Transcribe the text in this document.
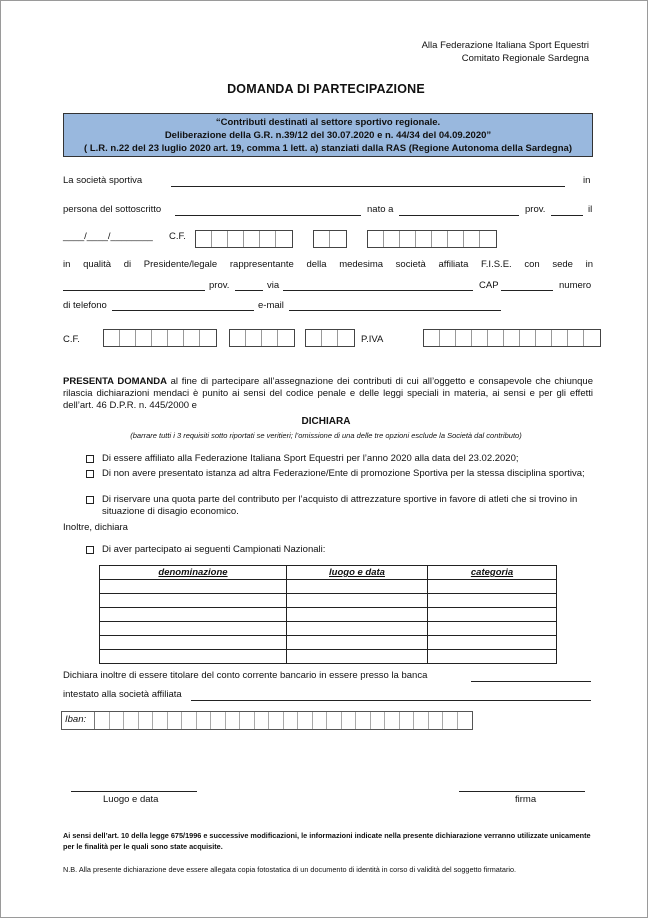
Alla Federazione Italiana Sport Equestri
Comitato Regionale Sardegna
DOMANDA DI PARTECIPAZIONE
“Contributi destinati al settore sportivo regionale.
Deliberazione della G.R. n.39/12 del 30.07.2020 e n. 44/34 del 04.09.2020”
( L.R. n.22 del 23 luglio 2020 art. 19, comma 1 lett. a) stanziati dalla RAS (Regione Autonoma della Sardegna)
La società sportiva	in
persona del sottoscritto	nato a	prov.	il
____/____/________ C.F.
in qualità di Presidente/legale rappresentante della medesima società affiliata F.I.S.E. con sede in
prov.	via	CAP	numero
di telefono	e-mail
C.F.	P.IVA
PRESENTA DOMANDA al fine di partecipare all’assegnazione dei contributi di cui all’oggetto e consapevole che chiunque rilascia dichiarazioni mendaci è punito ai sensi del codice penale e delle leggi speciali in materia, ai sensi e per gli effetti dell’art. 46 D.P.R. n. 445/2000 e
DICHIARA
(barrare tutti i 3 requisiti sotto riportati se veritieri; l’omissione di una delle tre opzioni esclude la Società dal contributo)
Di essere affiliato alla Federazione Italiana Sport Equestri per l’anno 2020 alla data del 23.02.2020;
Di non avere presentato istanza ad altra Federazione/Ente di promozione Sportiva per la stessa disciplina sportiva;
Di riservare una quota parte del contributo per l’acquisto di attrezzature sportive in favore di atleti che si trovino in situazione di disagio economico.
Inoltre, dichiara
Di aver partecipato ai seguenti Campionati Nazionali:
denominazione	luogo e data	categoria

Dichiara inoltre di essere titolare del conto corrente bancario in essere presso la banca
intestato alla società affiliata
Iban:
Luogo e data	firma
Ai sensi dell’art. 10 della legge 675/1996 e successive modificazioni, le informazioni indicate nella presente dichiarazione verranno utilizzate unicamente per le finalità per le quali sono state acquisite.
N.B. Alla presente dichiarazione deve essere allegata copia fotostatica di un documento di identità in corso di validità del soggetto firmatario.
